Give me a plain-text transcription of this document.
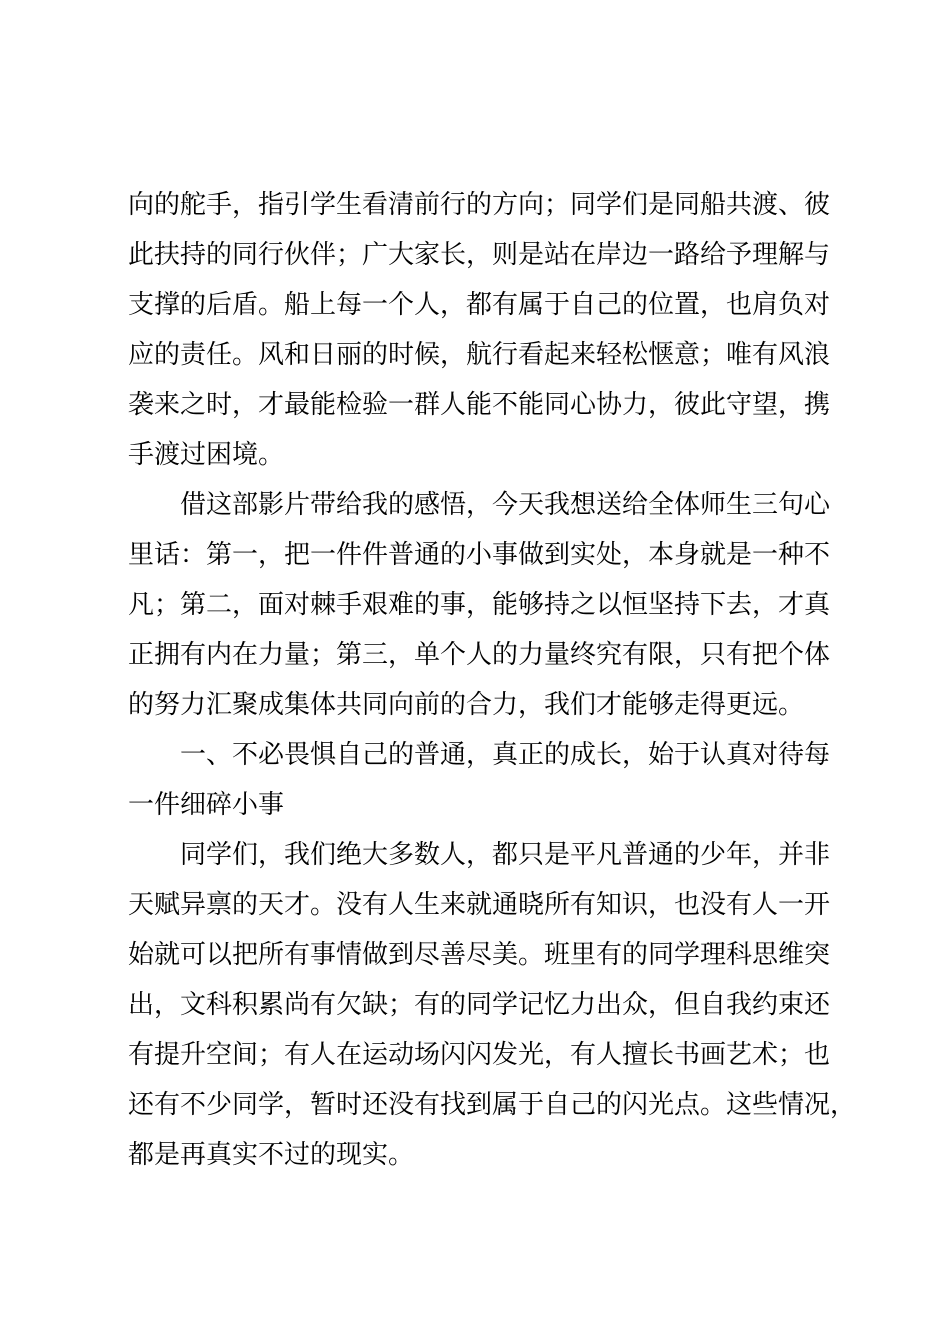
向的舵手，指引学生看清前行的方向；同学们是同船共渡、彼
此扶持的同行伙伴；广大家长，则是站在岸边一路给予理解与
支撑的后盾。船上每一个人，都有属于自己的位置，也肩负对
应的责任。风和日丽的时候，航行看起来轻松惬意；唯有风浪
袭来之时，才最能检验一群人能不能同心协力，彼此守望，携
手渡过困境。
借这部影片带给我的感悟，今天我想送给全体师生三句心
里话：第一，把一件件普通的小事做到实处，本身就是一种不
凡；第二，面对棘手艰难的事，能够持之以恒坚持下去，才真
正拥有内在力量；第三，单个人的力量终究有限，只有把个体
的努力汇聚成集体共同向前的合力，我们才能够走得更远。
一、不必畏惧自己的普通，真正的成长，始于认真对待每
一件细碎小事
同学们，我们绝大多数人，都只是平凡普通的少年，并非
天赋异禀的天才。没有人生来就通晓所有知识，也没有人一开
始就可以把所有事情做到尽善尽美。班里有的同学理科思维突
出，文科积累尚有欠缺；有的同学记忆力出众，但自我约束还
有提升空间；有人在运动场闪闪发光，有人擅长书画艺术；也
还有不少同学，暂时还没有找到属于自己的闪光点。这些情况，
都是再真实不过的现实。
